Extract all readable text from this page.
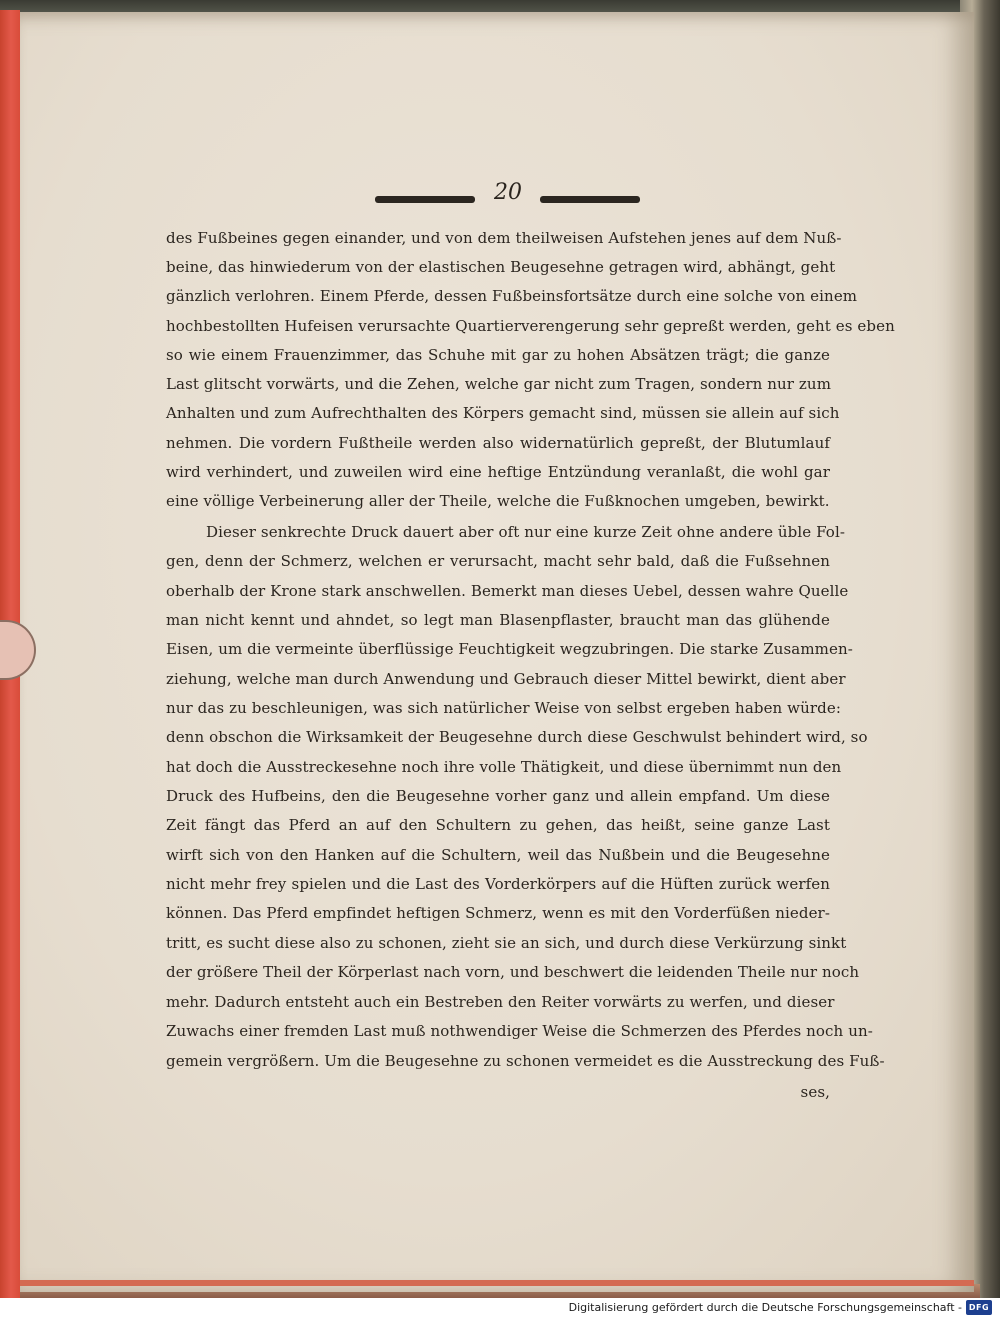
20
des Fußbeines gegen einander, und von dem theilweisen Aufstehen jenes auf dem Nuß-
beine, das hinwiederum von der elastischen Beugesehne getragen wird, abhängt, geht
gänzlich verlohren. Einem Pferde, dessen Fußbeinsfortsätze durch eine solche von einem
hochbestollten Hufeisen verursachte Quartierverengerung sehr gepreßt werden, geht es eben
so wie einem Frauenzimmer, das Schuhe mit gar zu hohen Absätzen trägt; die ganze
Last glitscht vorwärts, und die Zehen, welche gar nicht zum Tragen, sondern nur zum
Anhalten und zum Aufrechthalten des Körpers gemacht sind, müssen sie allein auf sich
nehmen. Die vordern Fußtheile werden also widernatürlich gepreßt, der Blutumlauf
wird verhindert, und zuweilen wird eine heftige Entzündung veranlaßt, die wohl gar
eine völlige Verbeinerung aller der Theile, welche die Fußknochen umgeben, bewirkt.
Dieser senkrechte Druck dauert aber oft nur eine kurze Zeit ohne andere üble Fol-
gen, denn der Schmerz, welchen er verursacht, macht sehr bald, daß die Fußsehnen
oberhalb der Krone stark anschwellen. Bemerkt man dieses Uebel, dessen wahre Quelle
man nicht kennt und ahndet, so legt man Blasenpflaster, braucht man das glühende
Eisen, um die vermeinte überflüssige Feuchtigkeit wegzubringen. Die starke Zusammen-
ziehung, welche man durch Anwendung und Gebrauch dieser Mittel bewirkt, dient aber
nur das zu beschleunigen, was sich natürlicher Weise von selbst ergeben haben würde:
denn obschon die Wirksamkeit der Beugesehne durch diese Geschwulst behindert wird, so
hat doch die Ausstreckesehne noch ihre volle Thätigkeit, und diese übernimmt nun den
Druck des Hufbeins, den die Beugesehne vorher ganz und allein empfand. Um diese
Zeit fängt das Pferd an auf den Schultern zu gehen, das heißt, seine ganze Last
wirft sich von den Hanken auf die Schultern, weil das Nußbein und die Beugesehne
nicht mehr frey spielen und die Last des Vorderkörpers auf die Hüften zurück werfen
können. Das Pferd empfindet heftigen Schmerz, wenn es mit den Vorderfüßen nieder-
tritt, es sucht diese also zu schonen, zieht sie an sich, und durch diese Verkürzung sinkt
der größere Theil der Körperlast nach vorn, und beschwert die leidenden Theile nur noch
mehr. Dadurch entsteht auch ein Bestreben den Reiter vorwärts zu werfen, und dieser
Zuwachs einer fremden Last muß nothwendiger Weise die Schmerzen des Pferdes noch un-
gemein vergrößern. Um die Beugesehne zu schonen vermeidet es die Ausstreckung des Fuß-
ses,
Digitalisierung gefördert durch die Deutsche Forschungsgemeinschaft - DFG
